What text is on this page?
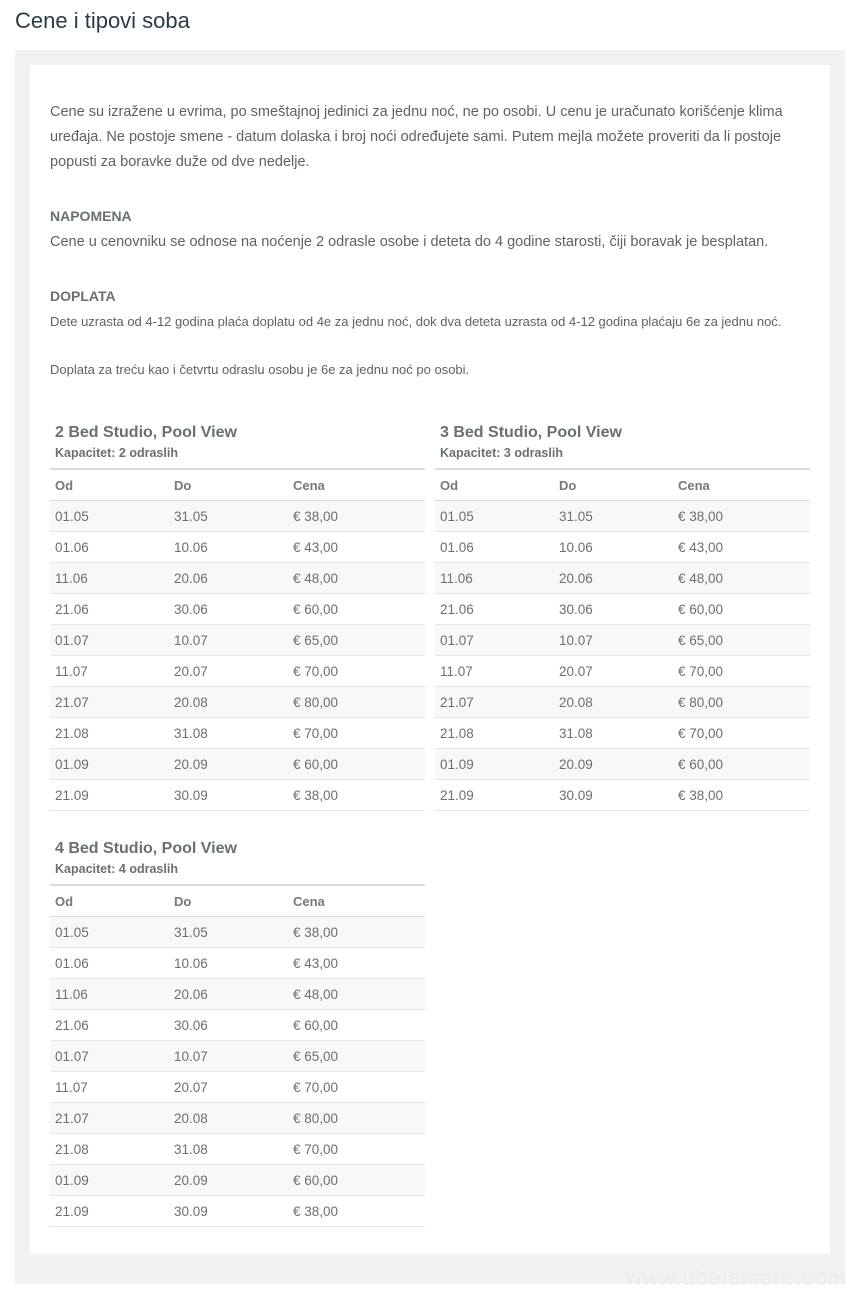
Cene i tipovi soba

Cene su izražene u evrima, po smeštajnoj jedinici za jednu noć, ne po osobi. U cenu je uračunato korišćenje klima uređaja. Ne postoje smene - datum dolaska i broj noći određujete sami. Putem mejla možete proveriti da li postoje popusti za boravke duže od dve nedelje.

NAPOMENA

Cene u cenovniku se odnose na noćenje 2 odrasle osobe i deteta do 4 godine starosti, čiji boravak je besplatan.

DOPLATA

Dete uzrasta od 4-12 godina plaća doplatu od 4e za jednu noć, dok dva deteta uzrasta od 4-12 godina plaćaju 6e za jednu noć.

Doplata za treću kao i četvrtu odraslu osobu je 6e za jednu noć po osobi.

2 Bed Studio, Pool View
Kapacitet: 2 odraslih
Od	Do	Cena
01.05	31.05	€ 38,00
01.06	10.06	€ 43,00
11.06	20.06	€ 48,00
21.06	30.06	€ 60,00
01.07	10.07	€ 65,00
11.07	20.07	€ 70,00
21.07	20.08	€ 80,00
21.08	31.08	€ 70,00
01.09	20.09	€ 60,00
21.09	30.09	€ 38,00
3 Bed Studio, Pool View
Kapacitet: 3 odraslih
Od	Do	Cena
01.05	31.05	€ 38,00
01.06	10.06	€ 43,00
11.06	20.06	€ 48,00
21.06	30.06	€ 60,00
01.07	10.07	€ 65,00
11.07	20.07	€ 70,00
21.07	20.08	€ 80,00
21.08	31.08	€ 70,00
01.09	20.09	€ 60,00
21.09	30.09	€ 38,00
4 Bed Studio, Pool View
Kapacitet: 4 odraslih
Od	Do	Cena
01.05	31.05	€ 38,00
01.06	10.06	€ 43,00
11.06	20.06	€ 48,00
21.06	30.06	€ 60,00
01.07	10.07	€ 65,00
11.07	20.07	€ 70,00
21.07	20.08	€ 80,00
21.08	31.08	€ 70,00
01.09	20.09	€ 60,00
21.09	30.09	€ 38,00
www.ubelamore.com
